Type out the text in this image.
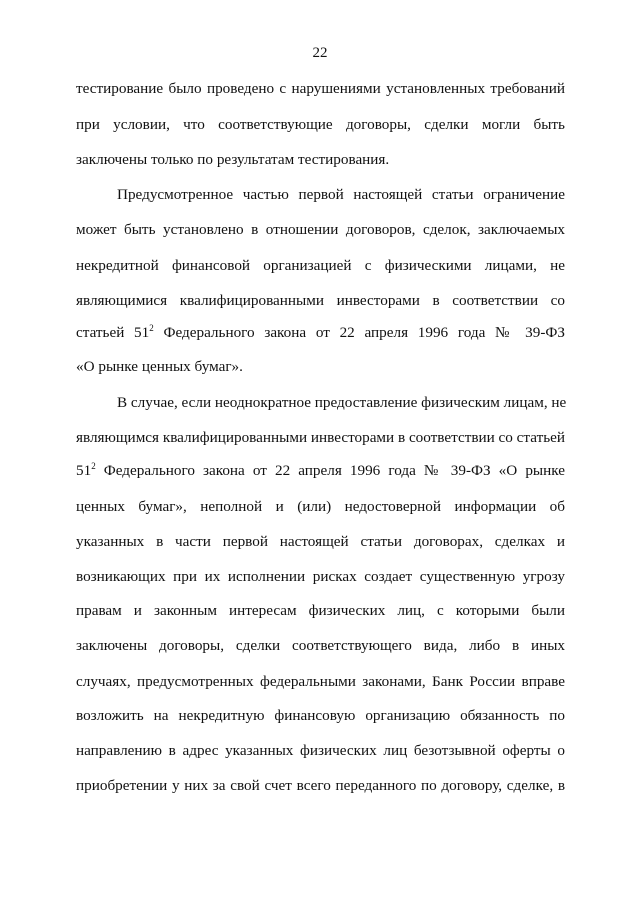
22
тестирование было проведено с нарушениями установленных требований
при условии, что соответствующие договоры, сделки могли быть
заключены только по результатам тестирования.
Предусмотренное частью первой настоящей статьи ограничение
может быть установлено в отношении договоров, сделок, заключаемых
некредитной финансовой организацией с физическими лицами, не
являющимися квалифицированными инвесторами в соответствии со
статьей $51^2$ Федерального закона от 22 апреля 1996 года № 39-ФЗ
«О рынке ценных бумаг».
В случае, если неоднократное предоставление физическим лицам, не
являющимся квалифицированными инвесторами в соответствии со статьей
$51^2$ Федерального закона от 22 апреля 1996 года № 39-ФЗ «О рынке
ценных бумаг», неполной и (или) недостоверной информации об
указанных в части первой настоящей статьи договорах, сделках и
возникающих при их исполнении рисках создает существенную угрозу
правам и законным интересам физических лиц, с которыми были
заключены договоры, сделки соответствующего вида, либо в иных
случаях, предусмотренных федеральными законами, Банк России вправе
возложить на некредитную финансовую организацию обязанность по
направлению в адрес указанных физических лиц безотзывной оферты о
приобретении у них за свой счет всего переданного по договору, сделке, в
